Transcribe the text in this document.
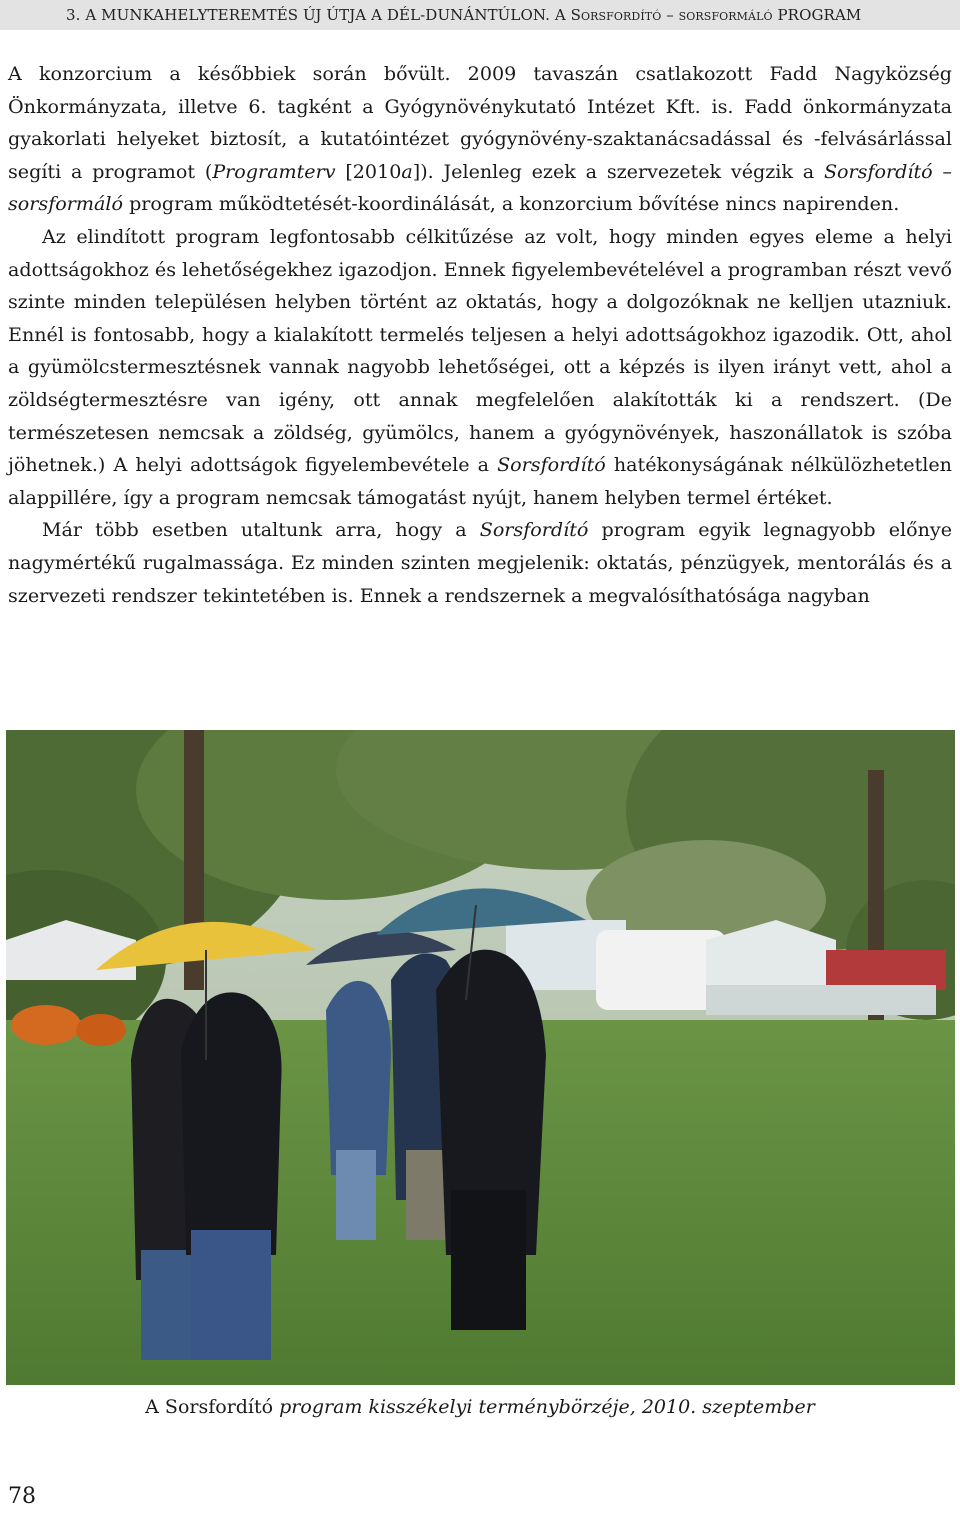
3. A MUNKAHELYTEREMTÉS ÚJ ÚTJA A DÉL-DUNÁNTÚLON. A Sorsfordító – sorsformáló PROGRAM

A konzorcium a későbbiek során bővült. 2009 tavaszán csatlakozott Fadd Nagyközség Önkormányzata, illetve 6. tagként a Gyógynövénykutató Intézet Kft. is. Fadd önkormányzata gyakorlati helyeket biztosít, a kutatóintézet gyógynövény-szaktanácsadással és -felvásárlással segíti a programot (Programterv [2010a]). Jelenleg ezek a szervezetek végzik a Sorsfordító – sorsformáló program működtetését-koordinálását, a konzorcium bővítése nincs napirenden.

Az elindított program legfontosabb célkitűzése az volt, hogy minden egyes eleme a helyi adottságokhoz és lehetőségekhez igazodjon. Ennek figyelembevételével a programban részt vevő szinte minden településen helyben történt az oktatás, hogy a dolgozóknak ne kelljen utazniuk. Ennél is fontosabb, hogy a kialakított termelés teljesen a helyi adottságokhoz igazodik. Ott, ahol a gyümölcstermesztésnek vannak nagyobb lehetőségei, ott a képzés is ilyen irányt vett, ahol a zöldségtermesztésre van igény, ott annak megfelelően alakították ki a rendszert. (De természetesen nemcsak a zöldség, gyümölcs, hanem a gyógynövények, haszonállatok is szóba jöhetnek.) A helyi adottságok figyelembevétele a Sorsfordító hatékonyságának nélkülözhetetlen alappillére, így a program nemcsak támogatást nyújt, hanem helyben termel értéket.

Már több esetben utaltunk arra, hogy a Sorsfordító program egyik legnagyobb előnye nagymértékű rugalmassága. Ez minden szinten megjelenik: oktatás, pénzügyek, mentorálás és a szervezeti rendszer tekintetében is. Ennek a rendszernek a megvalósíthatósága nagyban

A Sorsfordító program kisszékelyi terménybörzéje, 2010. szeptember
78
